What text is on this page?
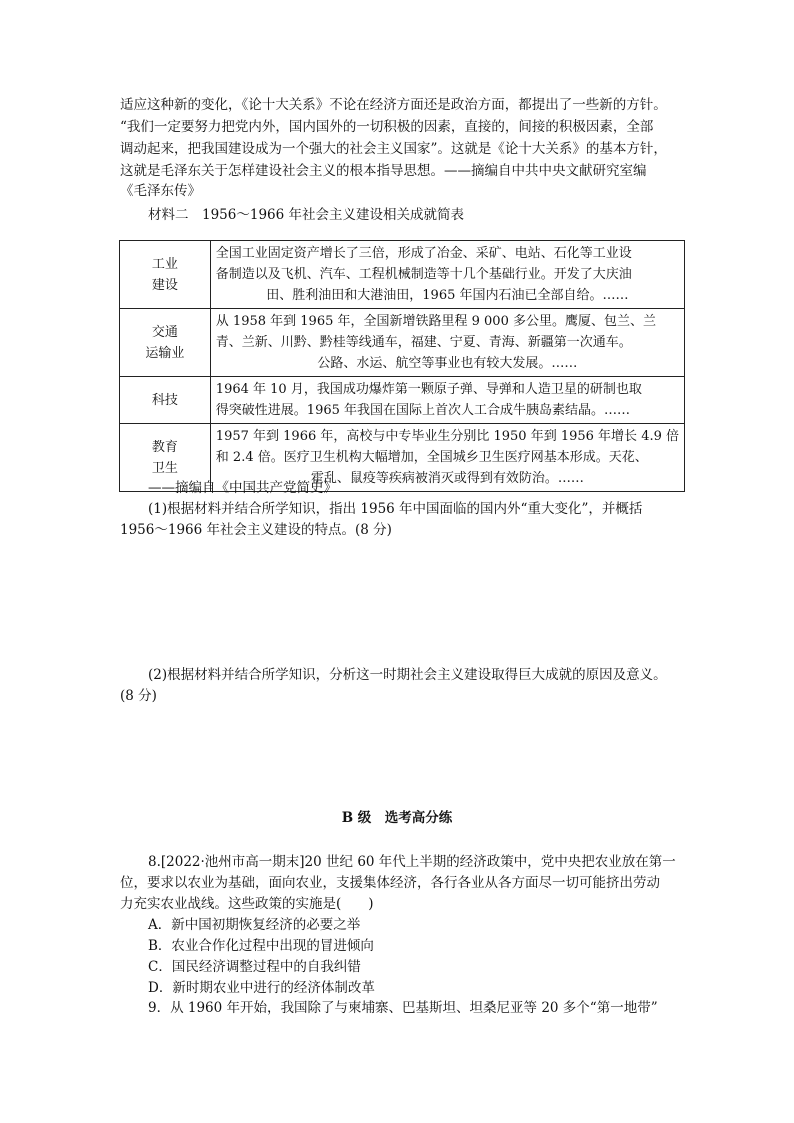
适应这种新的变化，《论十大关系》不论在经济方面还是政治方面，都提出了一些新的方针。
“我们一定要努力把党内外，国内国外的一切积极的因素，直接的，间接的积极因素，全部
调动起来，把我国建设成为一个强大的社会主义国家”。这就是《论十大关系》的基本方针，
这就是毛泽东关于怎样建设社会主义的根本指导思想。——摘编自中共中央文献研究室编
《毛泽东传》
材料二　1956～1966 年社会主义建设相关成就简表
工业
建设	全国工业固定资产增长了三倍，形成了冶金、采矿、电站、石化等工业设
备制造以及飞机、汽车、工程机械制造等十几个基础行业。开发了大庆油
田、胜利油田和大港油田，1965 年国内石油已全部自给。……

交通
运输业	从 1958 年到 1965 年，全国新增铁路里程 9 000 多公里。鹰厦、包兰、兰
青、兰新、川黔、黔桂等线通车，福建、宁夏、青海、新疆第一次通车。
公路、水运、航空等事业也有较大发展。……

科技	1964 年 10 月，我国成功爆炸第一颗原子弹、导弹和人造卫星的研制也取
得突破性进展。1965 年我国在国际上首次人工合成牛胰岛素结晶。……

教育
卫生	1957 年到 1966 年，高校与中专毕业生分别比 1950 年到 1956 年增长 4.9 倍
和 2.4 倍。医疗卫生机构大幅增加，全国城乡卫生医疗网基本形成。天花、
霍乱、鼠疫等疾病被消灭或得到有效防治。……
——摘编自《中国共产党简史》
(1)根据材料并结合所学知识，指出 1956 年中国面临的国内外“重大变化”，并概括
1956～1966 年社会主义建设的特点。(8 分)
(2)根据材料并结合所学知识，分析这一时期社会主义建设取得巨大成就的原因及意义。
(8 分)
B 级　选考高分练
8.[2022·池州市高一期末]20 世纪 60 年代上半期的经济政策中，党中央把农业放在第一
位，要求以农业为基础，面向农业，支援集体经济，各行各业从各方面尽一切可能挤出劳动
力充实农业战线。这些政策的实施是(　　)
A．新中国初期恢复经济的必要之举
B．农业合作化过程中出现的冒进倾向
C．国民经济调整过程中的自我纠错
D．新时期农业中进行的经济体制改革
9．从 1960 年开始，我国除了与柬埔寨、巴基斯坦、坦桑尼亚等 20 多个“第一地带”
